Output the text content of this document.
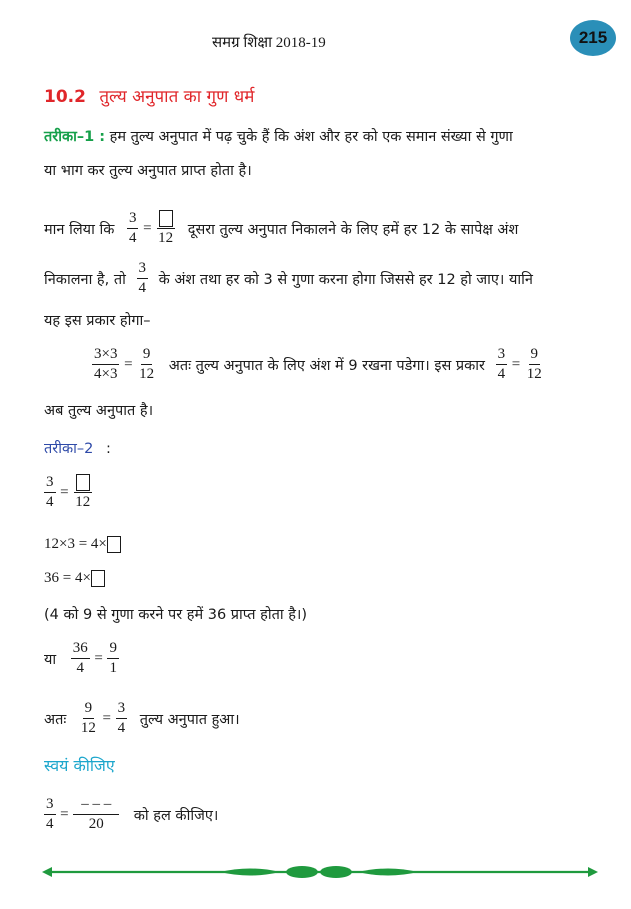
समग्र शिक्षा 2018-19	215
10.2 तुल्य अनुपात का गुण धर्म
तरीका–1 : हम तुल्य अनुपात में पढ़ चुके हैं कि अंश और हर को एक समान संख्या से गुणा
या भाग कर तुल्य अनुपात प्राप्त होता है।
मान लिया कि $\frac{3}{4}$ =
12
दूसरा तुल्य अनुपात निकालने के लिए हमें हर 12 के सापेक्ष अंश
निकालना है, तो $\frac{3}{4}$ के अंश तथा हर को 3 से गुणा करना होगा जिससे हर 12 हो जाए। यानि
यह इस प्रकार होगा–
$\frac{3\times 3}{4\times 3} = \frac{9}{12}$ अतः तुल्य अनुपात के लिए अंश में 9 रखना पडेगा। इस प्रकार $\frac{3}{4} = \frac{9}{12}$
अब तुल्य अनुपात है।
तरीका–2 :
$\frac{3}{4}$ =
12
12×3 = 4×
36 = 4×
(4 को 9 से गुणा करने पर हमें 36 प्राप्त होता है।)
या $\frac{36}{4} = \frac{9}{1}$
अतः $\frac{9}{12} = \frac{3}{4}$ तुल्य अनुपात हुआ।
स्वयं कीजिए
$\frac{3}{4} = \frac{- - -}{20}$ को हल कीजिए।
